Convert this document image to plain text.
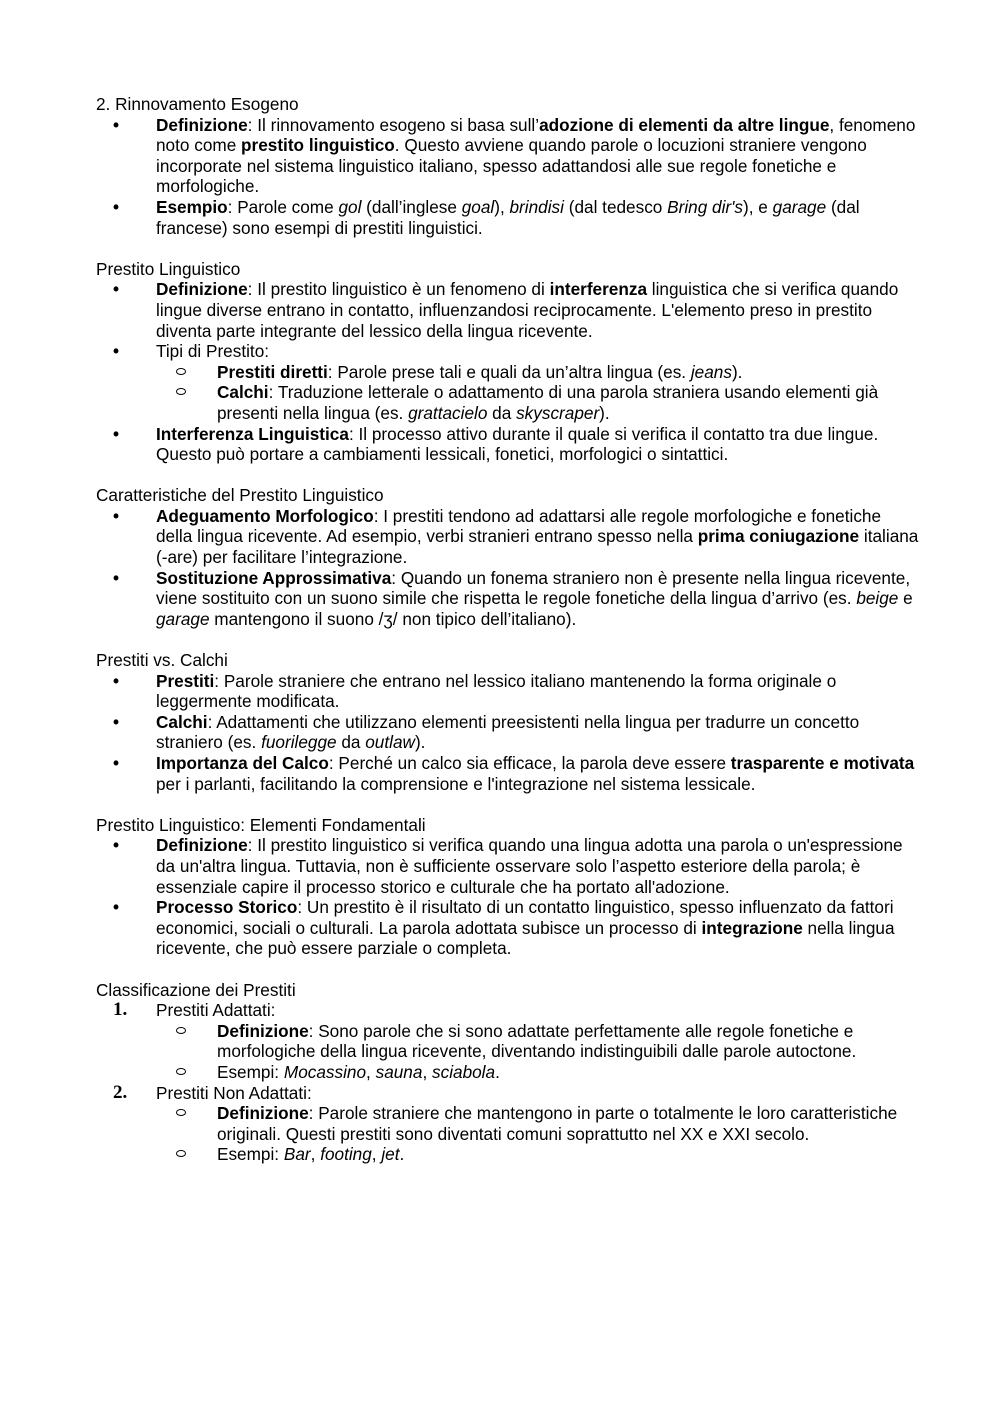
2. Rinnovamento Esogeno
•	Definizione: Il rinnovamento esogeno si basa sull’adozione di elementi da altre lingue, fenomeno noto come prestito linguistico. Questo avviene quando parole o locuzioni straniere vengono incorporate nel sistema linguistico italiano, spesso adattandosi alle sue regole fonetiche e morfologiche.
•	Esempio: Parole come gol (dall’inglese goal), brindisi (dal tedesco Bring dir's), e garage (dal francese) sono esempi di prestiti linguistici.
Prestito Linguistico
•	Definizione: Il prestito linguistico è un fenomeno di interferenza linguistica che si verifica quando lingue diverse entrano in contatto, influenzandosi reciprocamente. L'elemento preso in prestito diventa parte integrante del lessico della lingua ricevente.
•	Tipi di Prestito:
Prestiti diretti: Parole prese tali e quali da un’altra lingua (es. jeans).
Calchi: Traduzione letterale o adattamento di una parola straniera usando elementi già presenti nella lingua (es. grattacielo da skyscraper).
•	Interferenza Linguistica: Il processo attivo durante il quale si verifica il contatto tra due lingue. Questo può portare a cambiamenti lessicali, fonetici, morfologici o sintattici.
Caratteristiche del Prestito Linguistico
•	Adeguamento Morfologico: I prestiti tendono ad adattarsi alle regole morfologiche e fonetiche della lingua ricevente. Ad esempio, verbi stranieri entrano spesso nella prima coniugazione italiana (-are) per facilitare l’integrazione.
•	Sostituzione Approssimativa: Quando un fonema straniero non è presente nella lingua ricevente, viene sostituito con un suono simile che rispetta le regole fonetiche della lingua d’arrivo (es. beige e garage mantengono il suono /ʒ/ non tipico dell’italiano).
Prestiti vs. Calchi
•	Prestiti: Parole straniere che entrano nel lessico italiano mantenendo la forma originale o leggermente modificata.
•	Calchi: Adattamenti che utilizzano elementi preesistenti nella lingua per tradurre un concetto straniero (es. fuorilegge da outlaw).
•	Importanza del Calco: Perché un calco sia efficace, la parola deve essere trasparente e motivata per i parlanti, facilitando la comprensione e l'integrazione nel sistema lessicale.
Prestito Linguistico: Elementi Fondamentali
•	Definizione: Il prestito linguistico si verifica quando una lingua adotta una parola o un'espressione da un'altra lingua. Tuttavia, non è sufficiente osservare solo l’aspetto esteriore della parola; è essenziale capire il processo storico e culturale che ha portato all'adozione.
•	Processo Storico: Un prestito è il risultato di un contatto linguistico, spesso influenzato da fattori economici, sociali o culturali. La parola adottata subisce un processo di integrazione nella lingua ricevente, che può essere parziale o completa.
Classificazione dei Prestiti
1.	Prestiti Adattati:
Definizione: Sono parole che si sono adattate perfettamente alle regole fonetiche e morfologiche della lingua ricevente, diventando indistinguibili dalle parole autoctone.
Esempi: Mocassino, sauna, sciabola.
2.	Prestiti Non Adattati:
Definizione: Parole straniere che mantengono in parte o totalmente le loro caratteristiche originali. Questi prestiti sono diventati comuni soprattutto nel XX e XXI secolo.
Esempi: Bar, footing, jet.
